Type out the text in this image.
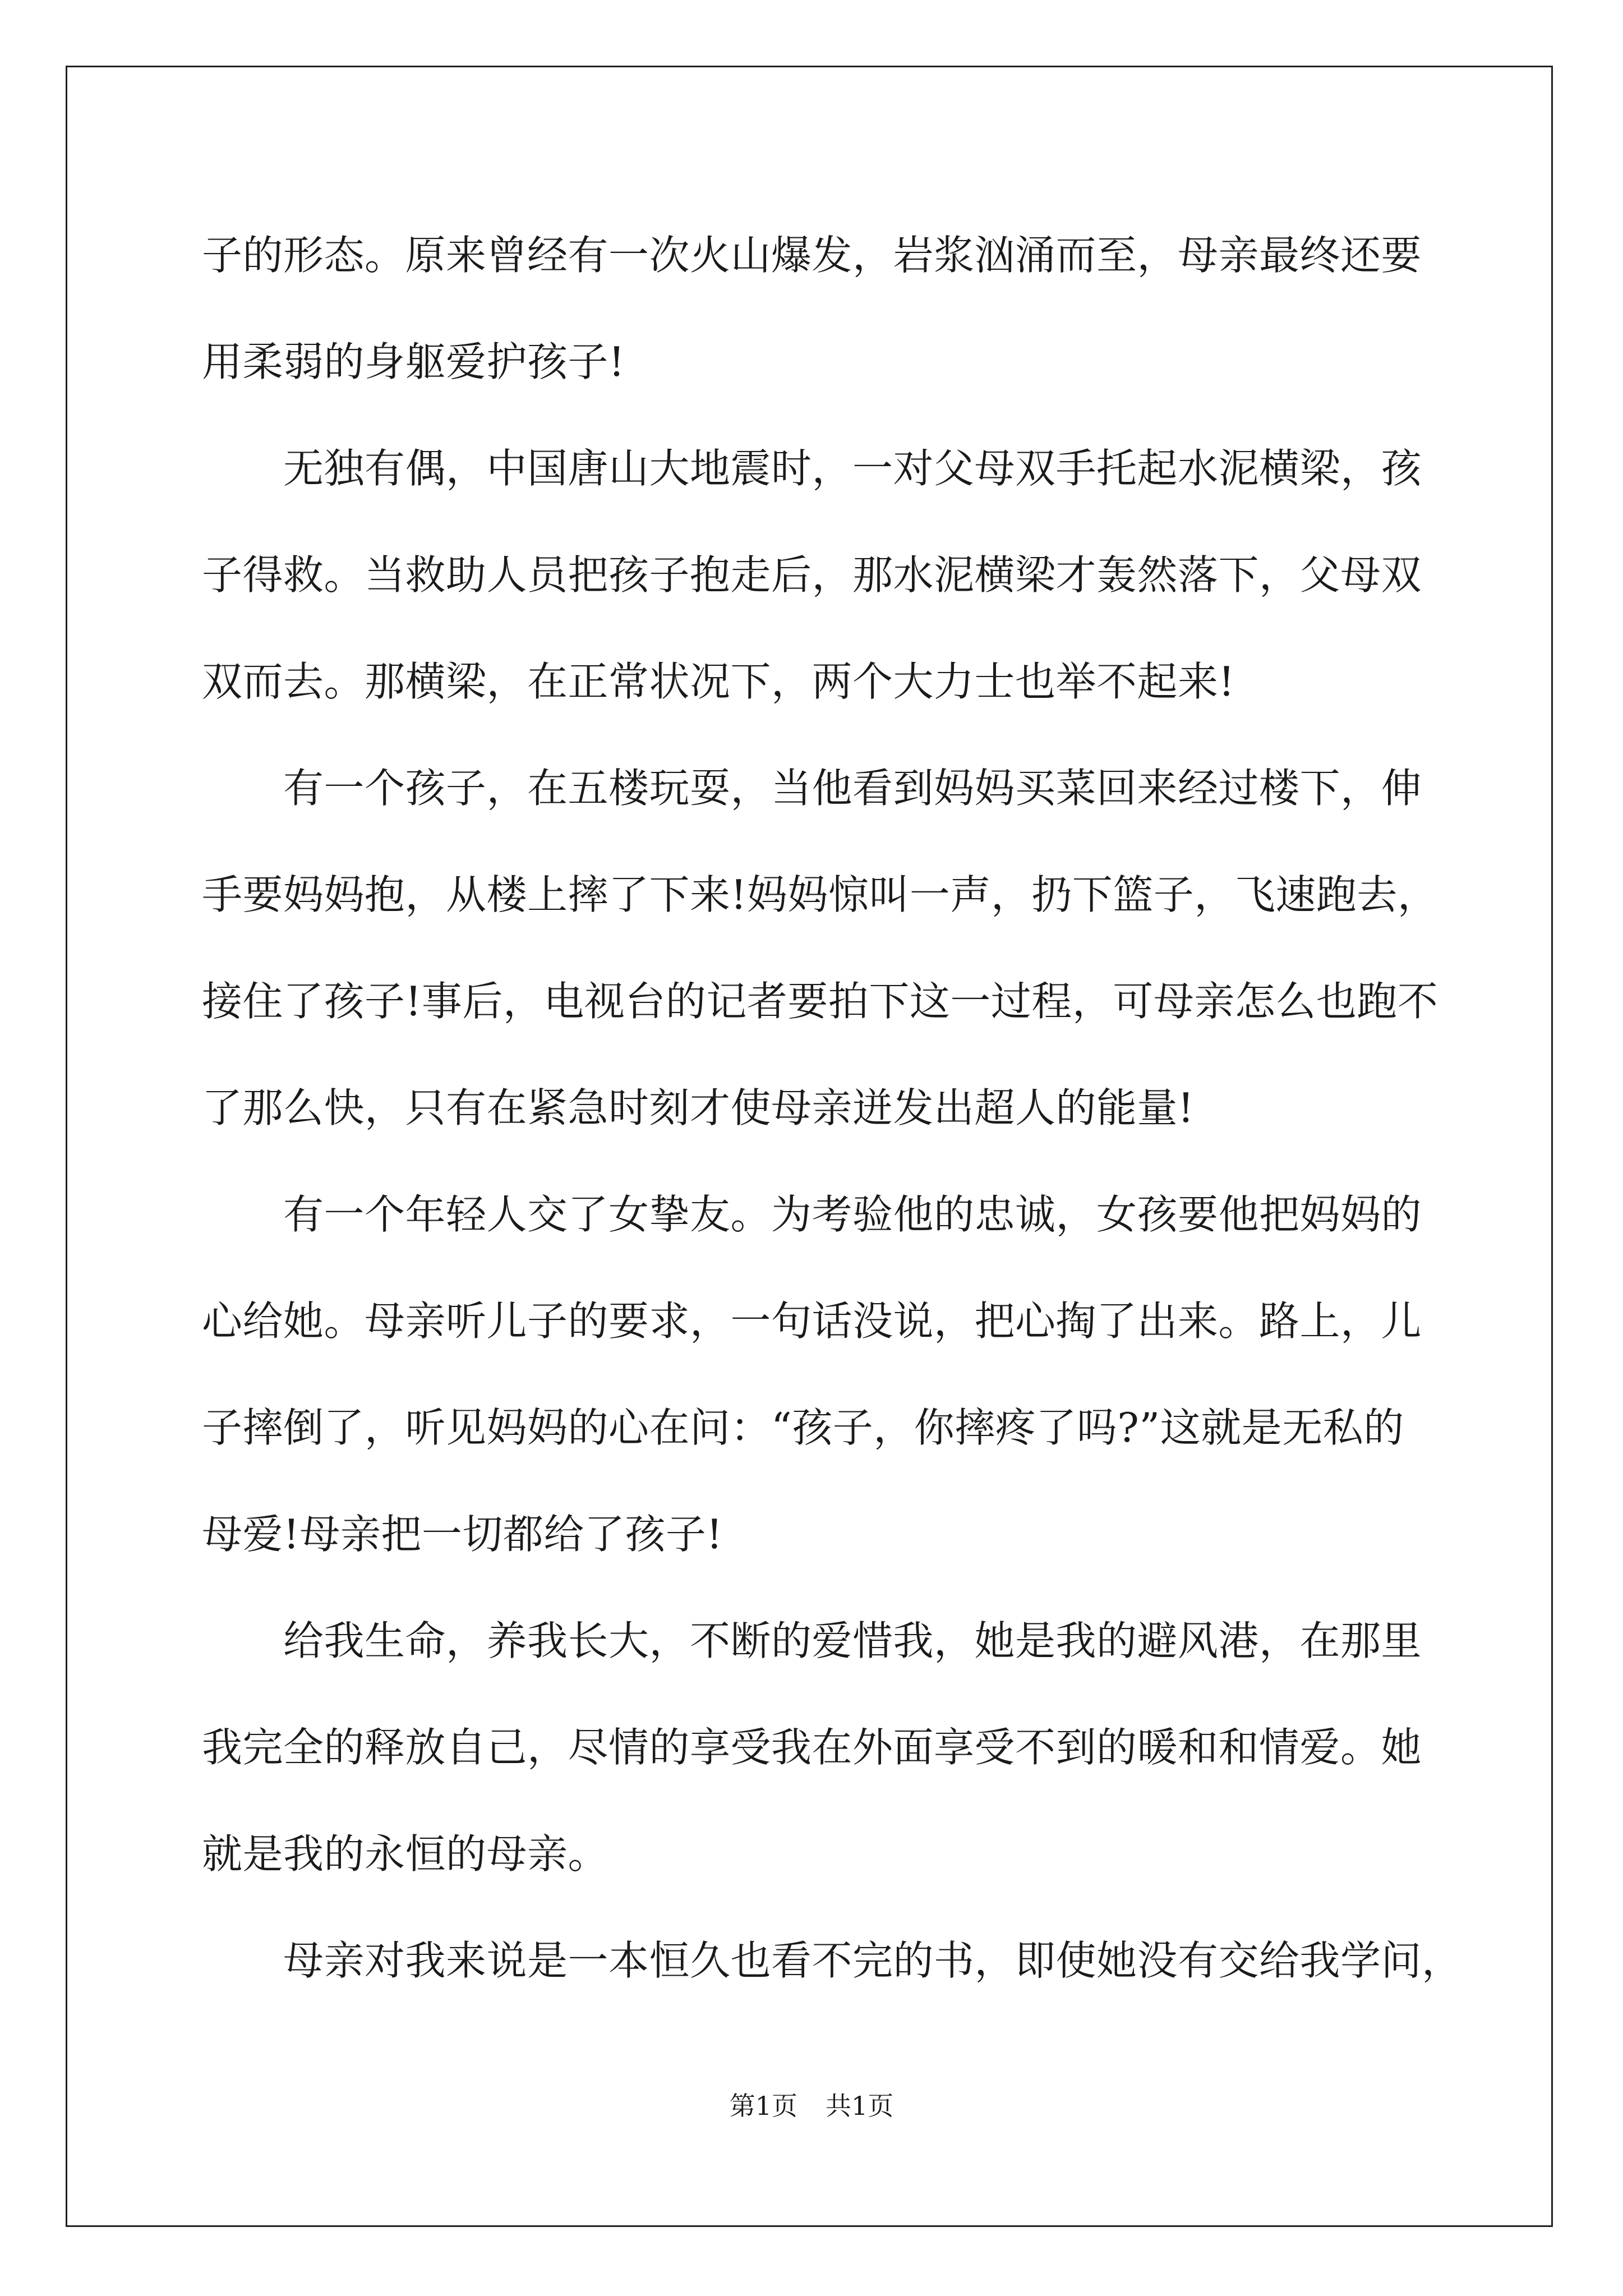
子的形态。原来曾经有一次火山爆发，岩浆汹涌而至，母亲最终还要
用柔弱的身躯爱护孩子!
无独有偶，中国唐山大地震时，一对父母双手托起水泥横梁，孩
子得救。当救助人员把孩子抱走后，那水泥横梁才轰然落下，父母双
双而去。那横梁，在正常状况下，两个大力士也举不起来!
有一个孩子，在五楼玩耍，当他看到妈妈买菜回来经过楼下，伸
手要妈妈抱，从楼上摔了下来!妈妈惊叫一声，扔下篮子，飞速跑去，
接住了孩子!事后，电视台的记者要拍下这一过程，可母亲怎么也跑不
了那么快，只有在紧急时刻才使母亲迸发出超人的能量!
有一个年轻人交了女挚友。为考验他的忠诚，女孩要他把妈妈的
心给她。母亲听儿子的要求，一句话没说，把心掏了出来。路上，儿
子摔倒了，听见妈妈的心在问：“孩子，你摔疼了吗?”这就是无私的
母爱!母亲把一切都给了孩子!
给我生命，养我长大，不断的爱惜我，她是我的避风港，在那里
我完全的释放自己，尽情的享受我在外面享受不到的暖和和情爱。她
就是我的永恒的母亲。
母亲对我来说是一本恒久也看不完的书，即使她没有交给我学问，
第1页 共1页
